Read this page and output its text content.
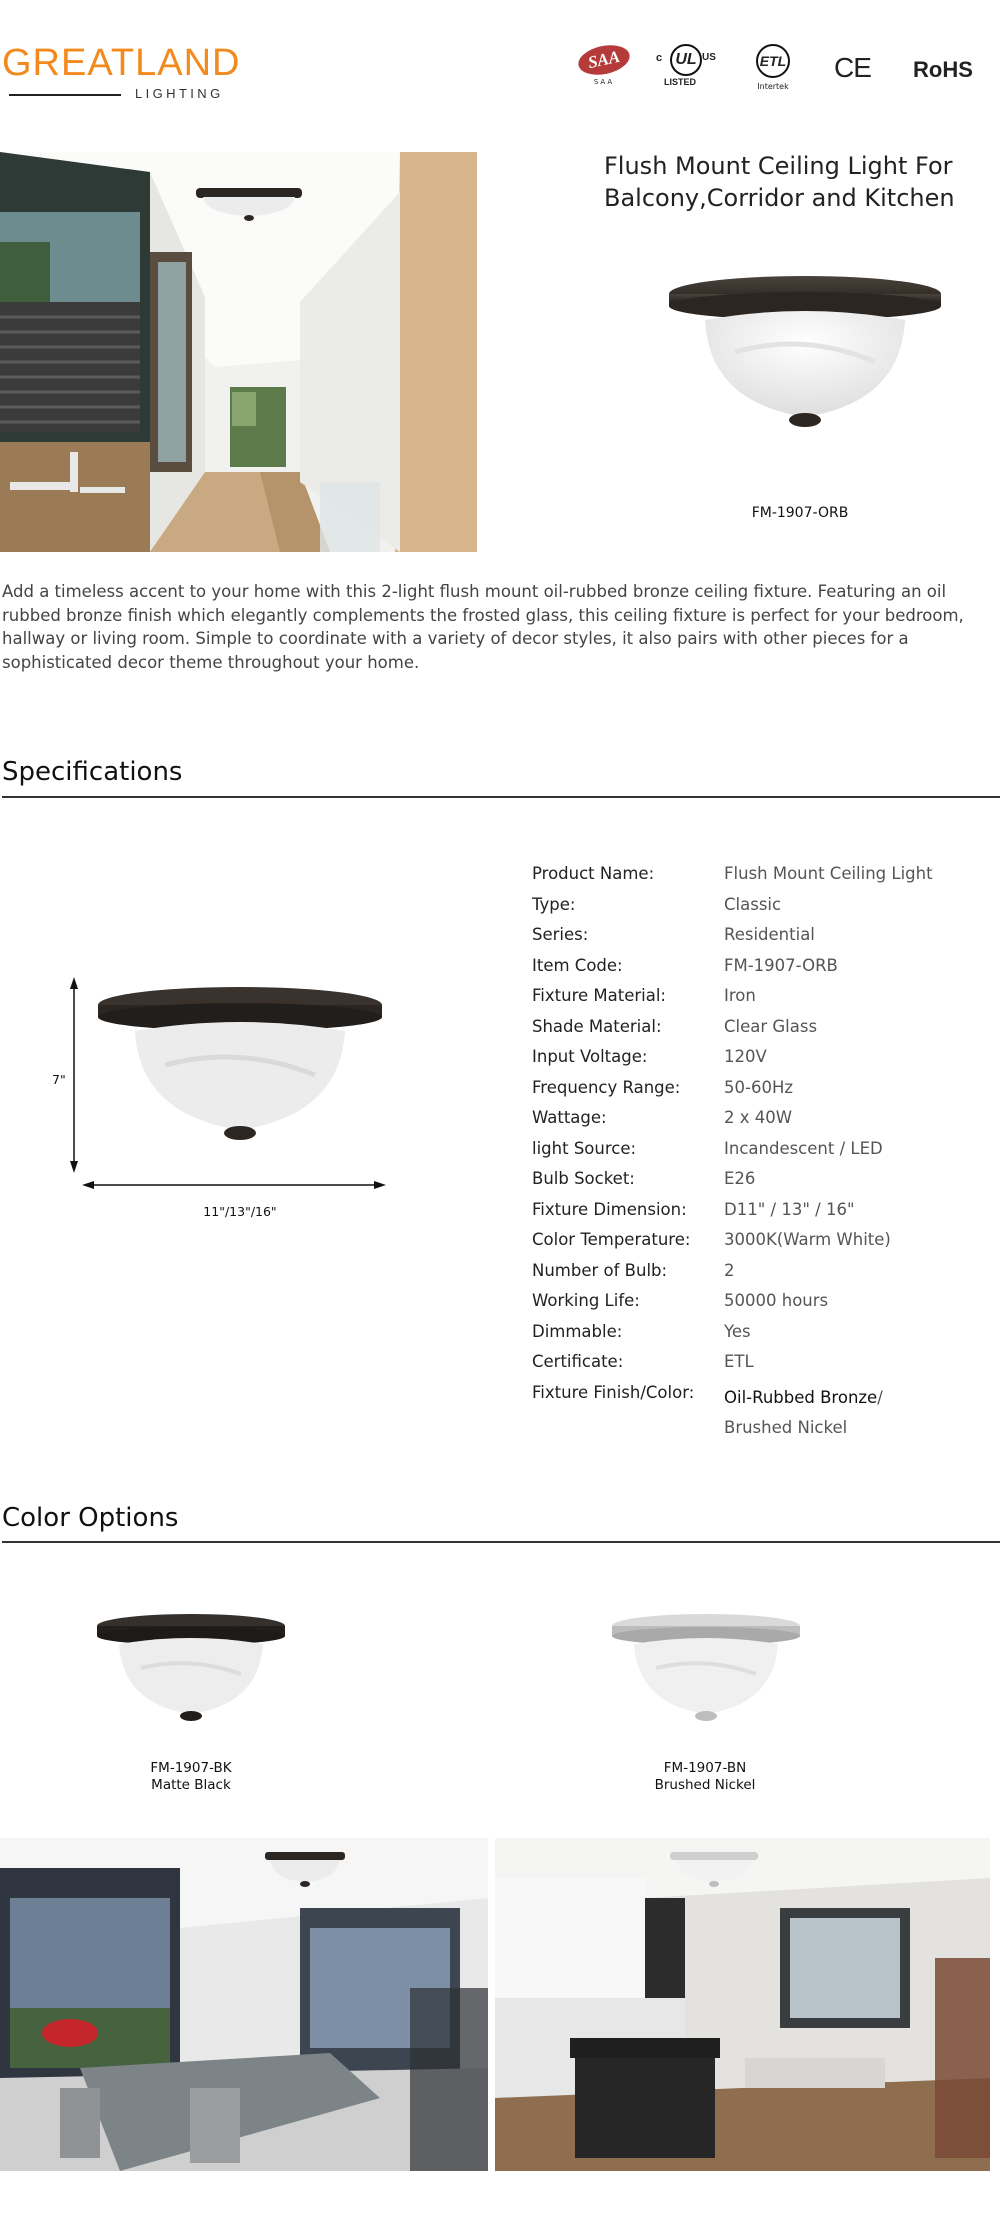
GREATLAND
LIGHTING
SAA
SAA
c UL US
LISTED
ETL
Intertek
CE RoHS
Flush Mount Ceiling Light For
Balcony,Corridor and Kitchen
FM-1907-ORB
Add a timeless accent to your home with this 2-light flush mount oil-rubbed bronze ceiling fixture. Featuring an oil rubbed bronze finish which elegantly complements the frosted glass, this ceiling fixture is perfect for your bedroom, hallway or living room. Simple to coordinate with a variety of decor styles, it also pairs with other pieces for a sophisticated decor theme throughout your home.
Specifications
7"
11"/13"/16"
Product Name:	Flush Mount Ceiling Light
Type:	Classic
Series:	Residential
Item Code:	FM-1907-ORB
Fixture Material:	Iron
Shade Material:	Clear Glass
Input Voltage:	120V
Frequency Range:	50-60Hz
Wattage:	2 x 40W
light Source:	Incandescent / LED
Bulb Socket:	E26
Fixture Dimension: D11" / 13" / 16"
Color Temperature: 3000K(Warm White)
Number of Bulb:	2
Working Life:	50000 hours
Dimmable:	Yes
Certificate:	ETL
Fixture Finish/Color: Oil-Rubbed Bronze/
Brushed Nickel
Color Options
FM-1907-BK
Matte Black
FM-1907-BN
Brushed Nickel
